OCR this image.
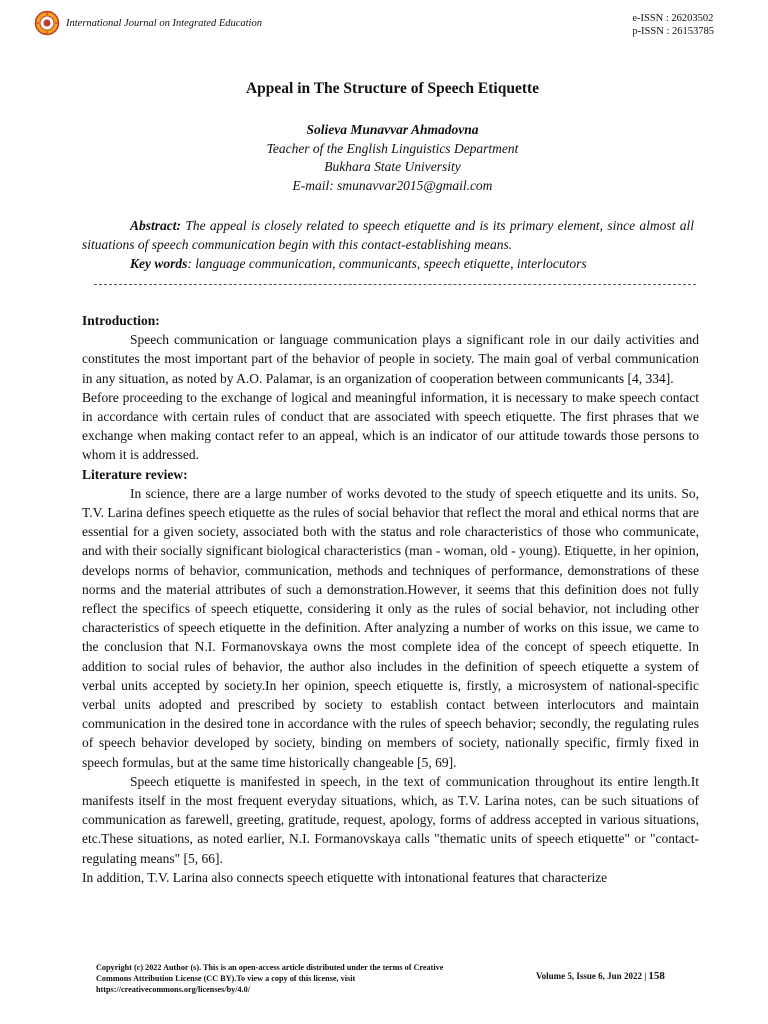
International Journal on Integrated Education	e-ISSN : 26203502
p-ISSN : 26153785
Appeal in The Structure of Speech Etiquette
Solieva Munavvar Ahmadovna
Teacher of the English Linguistics Department
Bukhara State University
E-mail: smunavvar2015@gmail.com
Abstract: The appeal is closely related to speech etiquette and is its primary element, since almost all situations of speech communication begin with this contact-establishing means.
Key words: language communication, communicants, speech etiquette, interlocutors
Introduction:

Speech communication or language communication plays a significant role in our daily activities and constitutes the most important part of the behavior of people in society. The main goal of verbal communication in any situation, as noted by A.O. Palamar, is an organization of cooperation between communicants [4, 334].

Before proceeding to the exchange of logical and meaningful information, it is necessary to make speech contact in accordance with certain rules of conduct that are associated with speech etiquette. The first phrases that we exchange when making contact refer to an appeal, which is an indicator of our attitude towards those persons to whom it is addressed.

Literature review:

In science, there are a large number of works devoted to the study of speech etiquette and its units. So, T.V. Larina defines speech etiquette as the rules of social behavior that reflect the moral and ethical norms that are essential for a given society, associated both with the status and role characteristics of those who communicate, and with their socially significant biological characteristics (man - woman, old - young). Etiquette, in her opinion, develops norms of behavior, communication, methods and techniques of performance, demonstrations of these norms and the material attributes of such a demonstration.However, it seems that this definition does not fully reflect the specifics of speech etiquette, considering it only as the rules of social behavior, not including other characteristics of speech etiquette in the definition. After analyzing a number of works on this issue, we came to the conclusion that N.I. Formanovskaya owns the most complete idea of the concept of speech etiquette. In addition to social rules of behavior, the author also includes in the definition of speech etiquette a system of verbal units accepted by society.In her opinion, speech etiquette is, firstly, a microsystem of national-specific verbal units adopted and prescribed by society to establish contact between interlocutors and maintain communication in the desired tone in accordance with the rules of speech behavior; secondly, the regulating rules of speech behavior developed by society, binding on members of society, nationally specific, firmly fixed in speech formulas, but at the same time historically changeable [5, 69].

Speech etiquette is manifested in speech, in the text of communication throughout its entire length.It manifests itself in the most frequent everyday situations, which, as T.V. Larina notes, can be such situations of communication as farewell, greeting, gratitude, request, apology, forms of address accepted in various situations, etc.These situations, as noted earlier, N.I. Formanovskaya calls "thematic units of speech etiquette" or "contact-regulating means" [5, 66].

In addition, T.V. Larina also connects speech etiquette with intonational features that characterize

Copyright (c) 2022 Author (s). This is an open-access article distributed under the terms of Creative Commons Attribution License (CC BY).To view a copy of this license, visit https://creativecommons.org/licenses/by/4.0/
Volume 5, Issue 6, Jun 2022 | 158
